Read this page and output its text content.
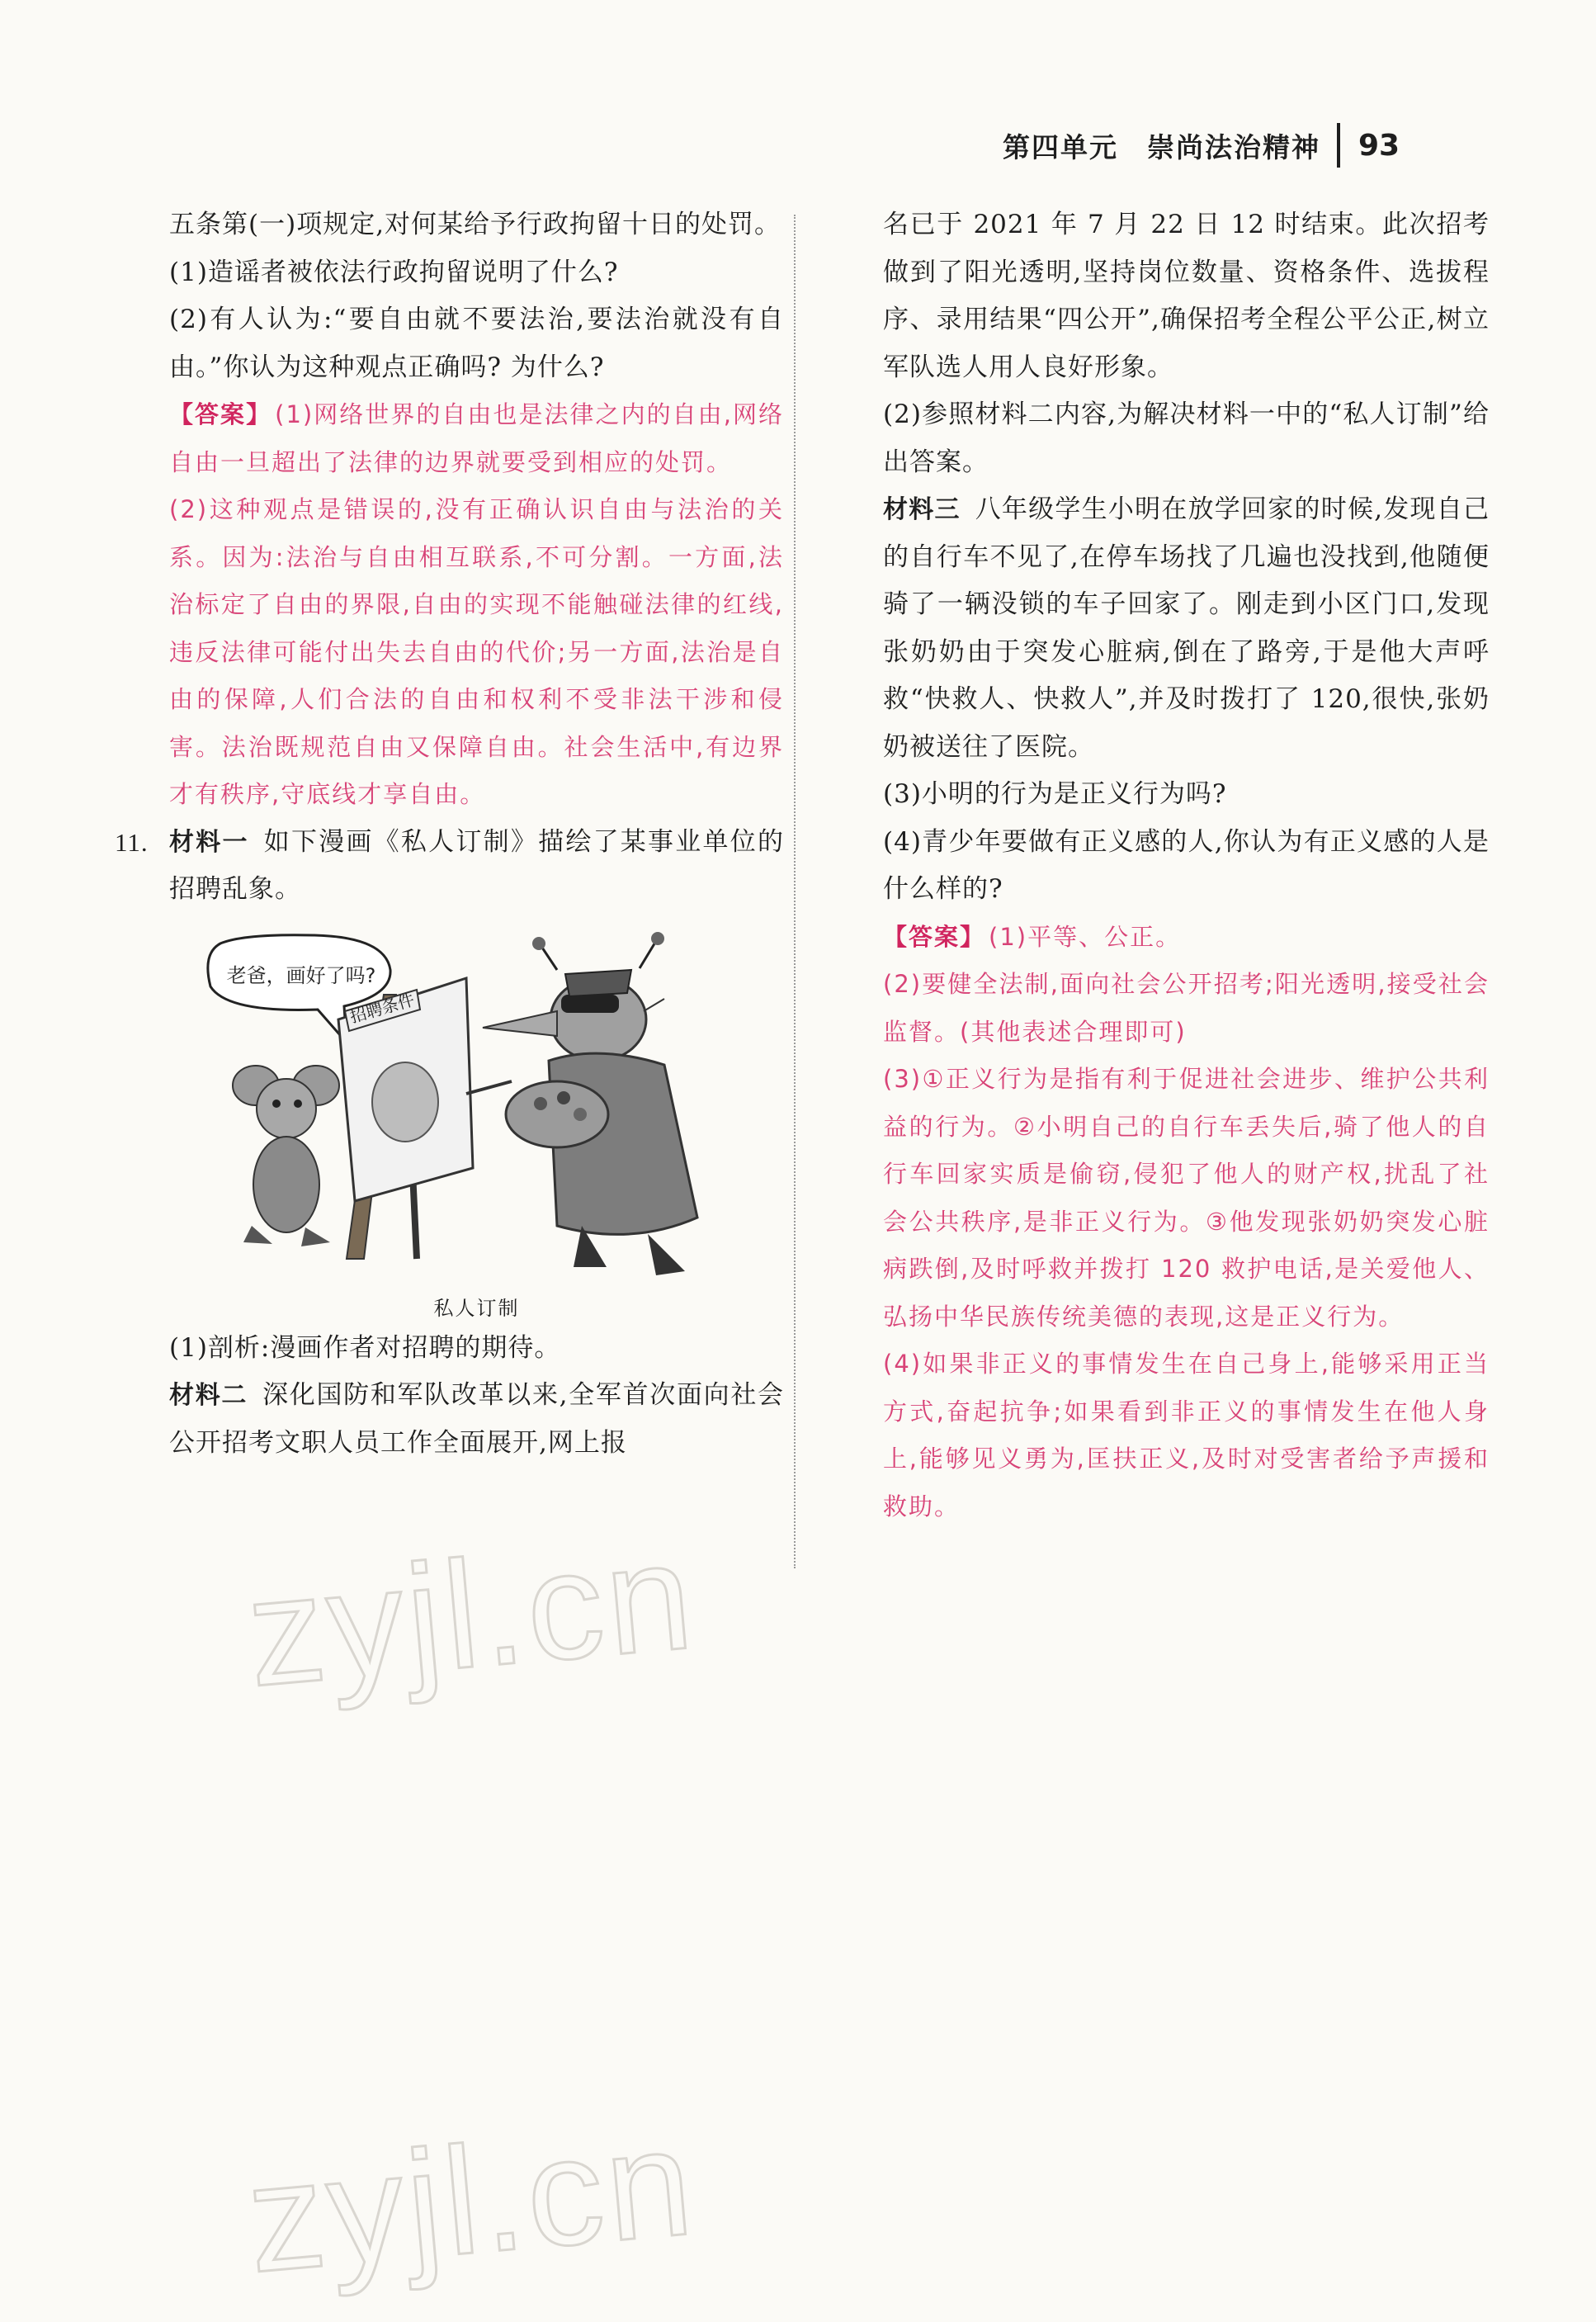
第四单元　崇尚法治精神 93

五条第(一)项规定,对何某给予行政拘留十日的处罚。

(1)造谣者被依法行政拘留说明了什么?

(2)有人认为:“要自由就不要法治,要法治就没有自由。”你认为这种观点正确吗? 为什么?

【答案】 (1)网络世界的自由也是法律之内的自由,网络自由一旦超出了法律的边界就要受到相应的处罚。

(2)这种观点是错误的,没有正确认识自由与法治的关系。因为:法治与自由相互联系,不可分割。一方面,法治标定了自由的界限,自由的实现不能触碰法律的红线,违反法律可能付出失去自由的代价;另一方面,法治是自由的保障,人们合法的自由和权利不受非法干涉和侵害。法治既规范自由又保障自由。社会生活中,有边界才有秩序,守底线才享自由。

11. 材料一 如下漫画《私人订制》描绘了某事业单位的招聘乱象。

老爸，画好了吗?
招聘条件
私人订制

(1)剖析:漫画作者对招聘的期待。

材料二 深化国防和军队改革以来,全军首次面向社会公开招考文职人员工作全面展开,网上报

名已于 2021 年 7 月 22 日 12 时结束。此次招考做到了阳光透明,坚持岗位数量、资格条件、选拔程序、录用结果“四公开”,确保招考全程公平公正,树立军队选人用人良好形象。

(2)参照材料二内容,为解决材料一中的“私人订制”给出答案。

材料三 八年级学生小明在放学回家的时候,发现自己的自行车不见了,在停车场找了几遍也没找到,他随便骑了一辆没锁的车子回家了。刚走到小区门口,发现张奶奶由于突发心脏病,倒在了路旁,于是他大声呼救“快救人、快救人”,并及时拨打了 120,很快,张奶奶被送往了医院。

(3)小明的行为是正义行为吗?

(4)青少年要做有正义感的人,你认为有正义感的人是什么样的?

【答案】 (1)平等、公正。

(2)要健全法制,面向社会公开招考;阳光透明,接受社会监督。(其他表述合理即可)

(3)①正义行为是指有利于促进社会进步、维护公共利益的行为。②小明自己的自行车丢失后,骑了他人的自行车回家实质是偷窃,侵犯了他人的财产权,扰乱了社会公共秩序,是非正义行为。③他发现张奶奶突发心脏病跌倒,及时呼救并拨打 120 救护电话,是关爱他人、弘扬中华民族传统美德的表现,这是正义行为。

(4)如果非正义的事情发生在自己身上,能够采用正当方式,奋起抗争;如果看到非正义的事情发生在他人身上,能够见义勇为,匡扶正义,及时对受害者给予声援和救助。

zyjl.cn
zyjl.cn
